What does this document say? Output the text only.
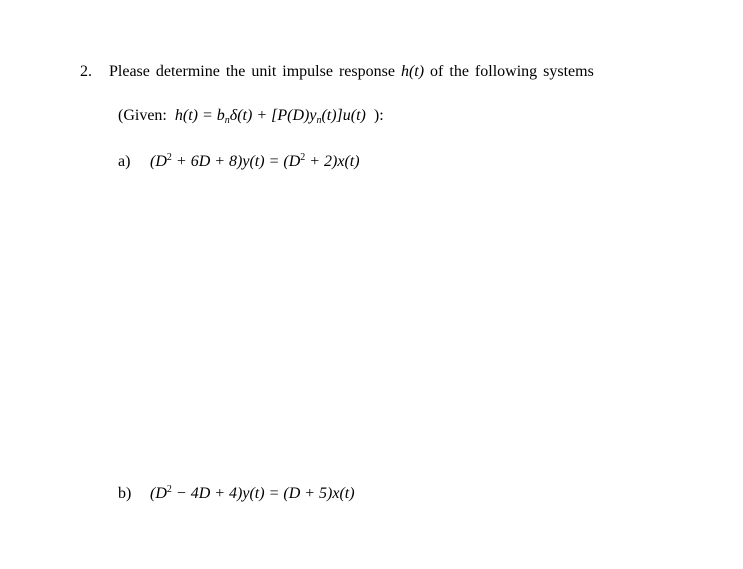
2. Please determine the unit impulse response h(t) of the following systems
(Given: $h(t) = b_n\delta(t) + [P(D)y_n(t)]u(t)$ ):
a) $(D^2 + 6D + 8)y(t) = (D^2 + 2)x(t)$
b) $(D^2 - 4D + 4)y(t) = (D + 5)x(t)$
